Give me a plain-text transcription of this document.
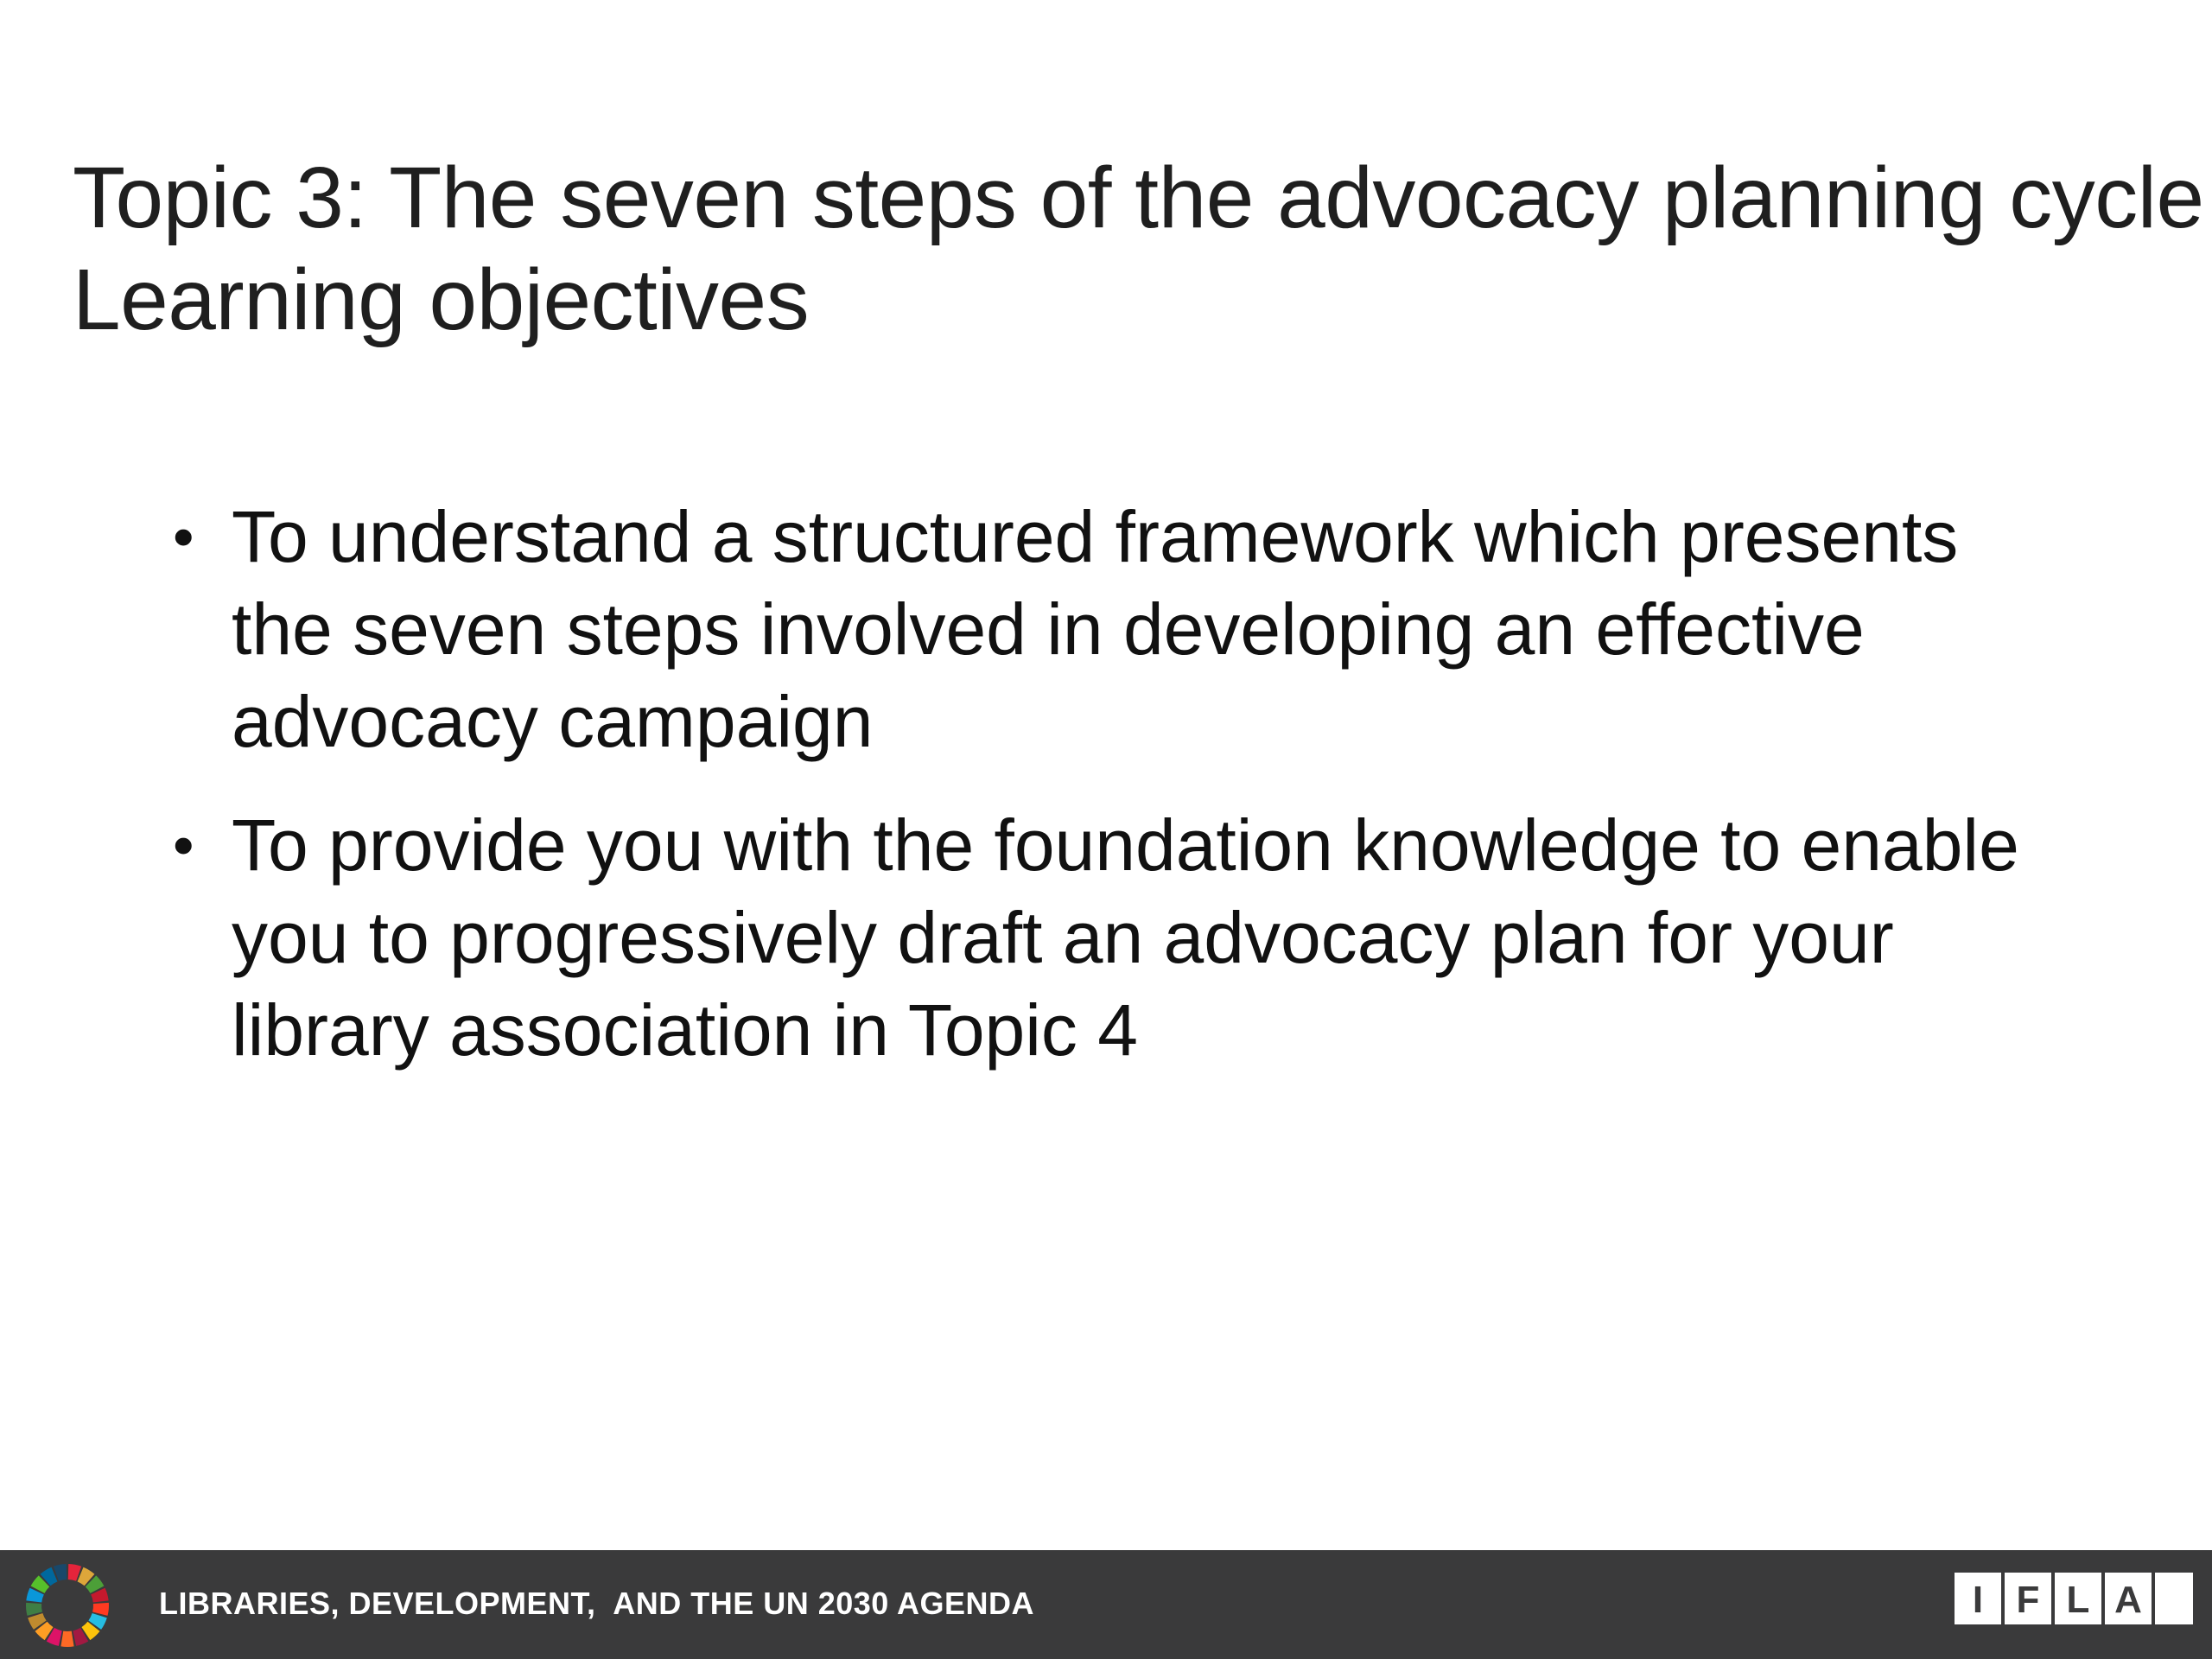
Topic 3: The seven steps of the advocacy planning cycle
Learning objectives
• To understand a structured framework which presents the seven steps involved in developing an effective advocacy campaign
• To provide you with the foundation knowledge to enable you to progressively draft an advocacy plan for your library association in Topic 4
LIBRARIES, DEVELOPMENT,  AND THE UN 2030 AGENDA	I F L A
